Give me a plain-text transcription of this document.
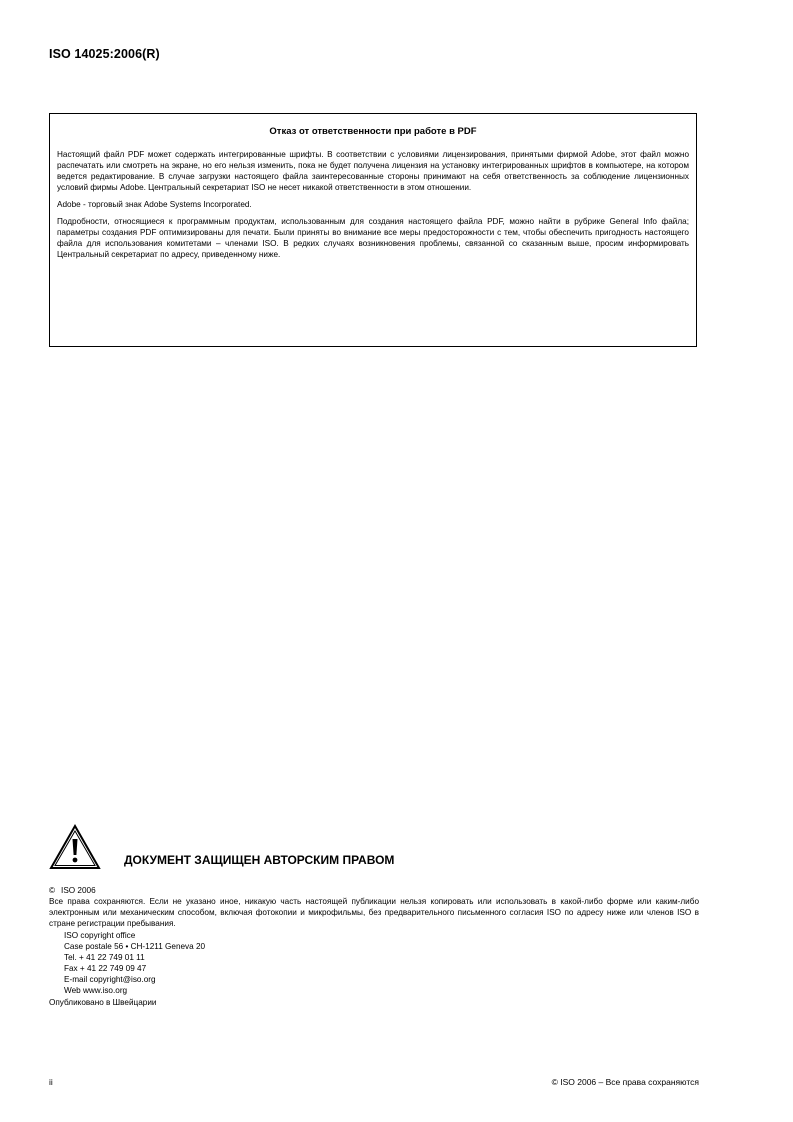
ISO 14025:2006(R)
Отказ от ответственности при работе в PDF

Настоящий файл PDF может содержать интегрированные шрифты. В соответствии с условиями лицензирования, принятыми фирмой Adobe, этот файл можно распечатать или смотреть на экране, но его нельзя изменить, пока не будет получена лицензия на установку интегрированных шрифтов в компьютере, на котором ведется редактирование. В случае загрузки настоящего файла заинтересованные стороны принимают на себя ответственность за соблюдение лицензионных условий фирмы Adobe. Центральный секретариат ISO не несет никакой ответственности в этом отношении.

Adobe - торговый знак Adobe Systems Incorporated.

Подробности, относящиеся к программным продуктам, использованным для создания настоящего файла PDF, можно найти в рубрике General Info файла; параметры создания PDF оптимизированы для печати. Были приняты во внимание все меры предосторожности с тем, чтобы обеспечить пригодность настоящего файла для использования комитетами – членами ISO. В редких случаях возникновения проблемы, связанной со сказанным выше, просим информировать Центральный секретариат по адресу, приведенному ниже.

ДОКУМЕНТ ЗАЩИЩЕН АВТОРСКИМ ПРАВОМ
© ISO 2006

Все права сохраняются. Если не указано иное, никакую часть настоящей публикации нельзя копировать или использовать в какой-либо форме или каким-либо электронным или механическим способом, включая фотокопии и микрофильмы, без предварительного письменного согласия ISO по адресу ниже или членов ISO в стране регистрации пребывания.

ISO copyright office
Case postale 56 • CH-1211 Geneva 20
Tel. + 41 22 749 01 11
Fax + 41 22 749 09 47
E-mail copyright@iso.org
Web www.iso.org
Опубликовано в Швейцарии
ii	© ISO 2006 – Все права сохраняются
